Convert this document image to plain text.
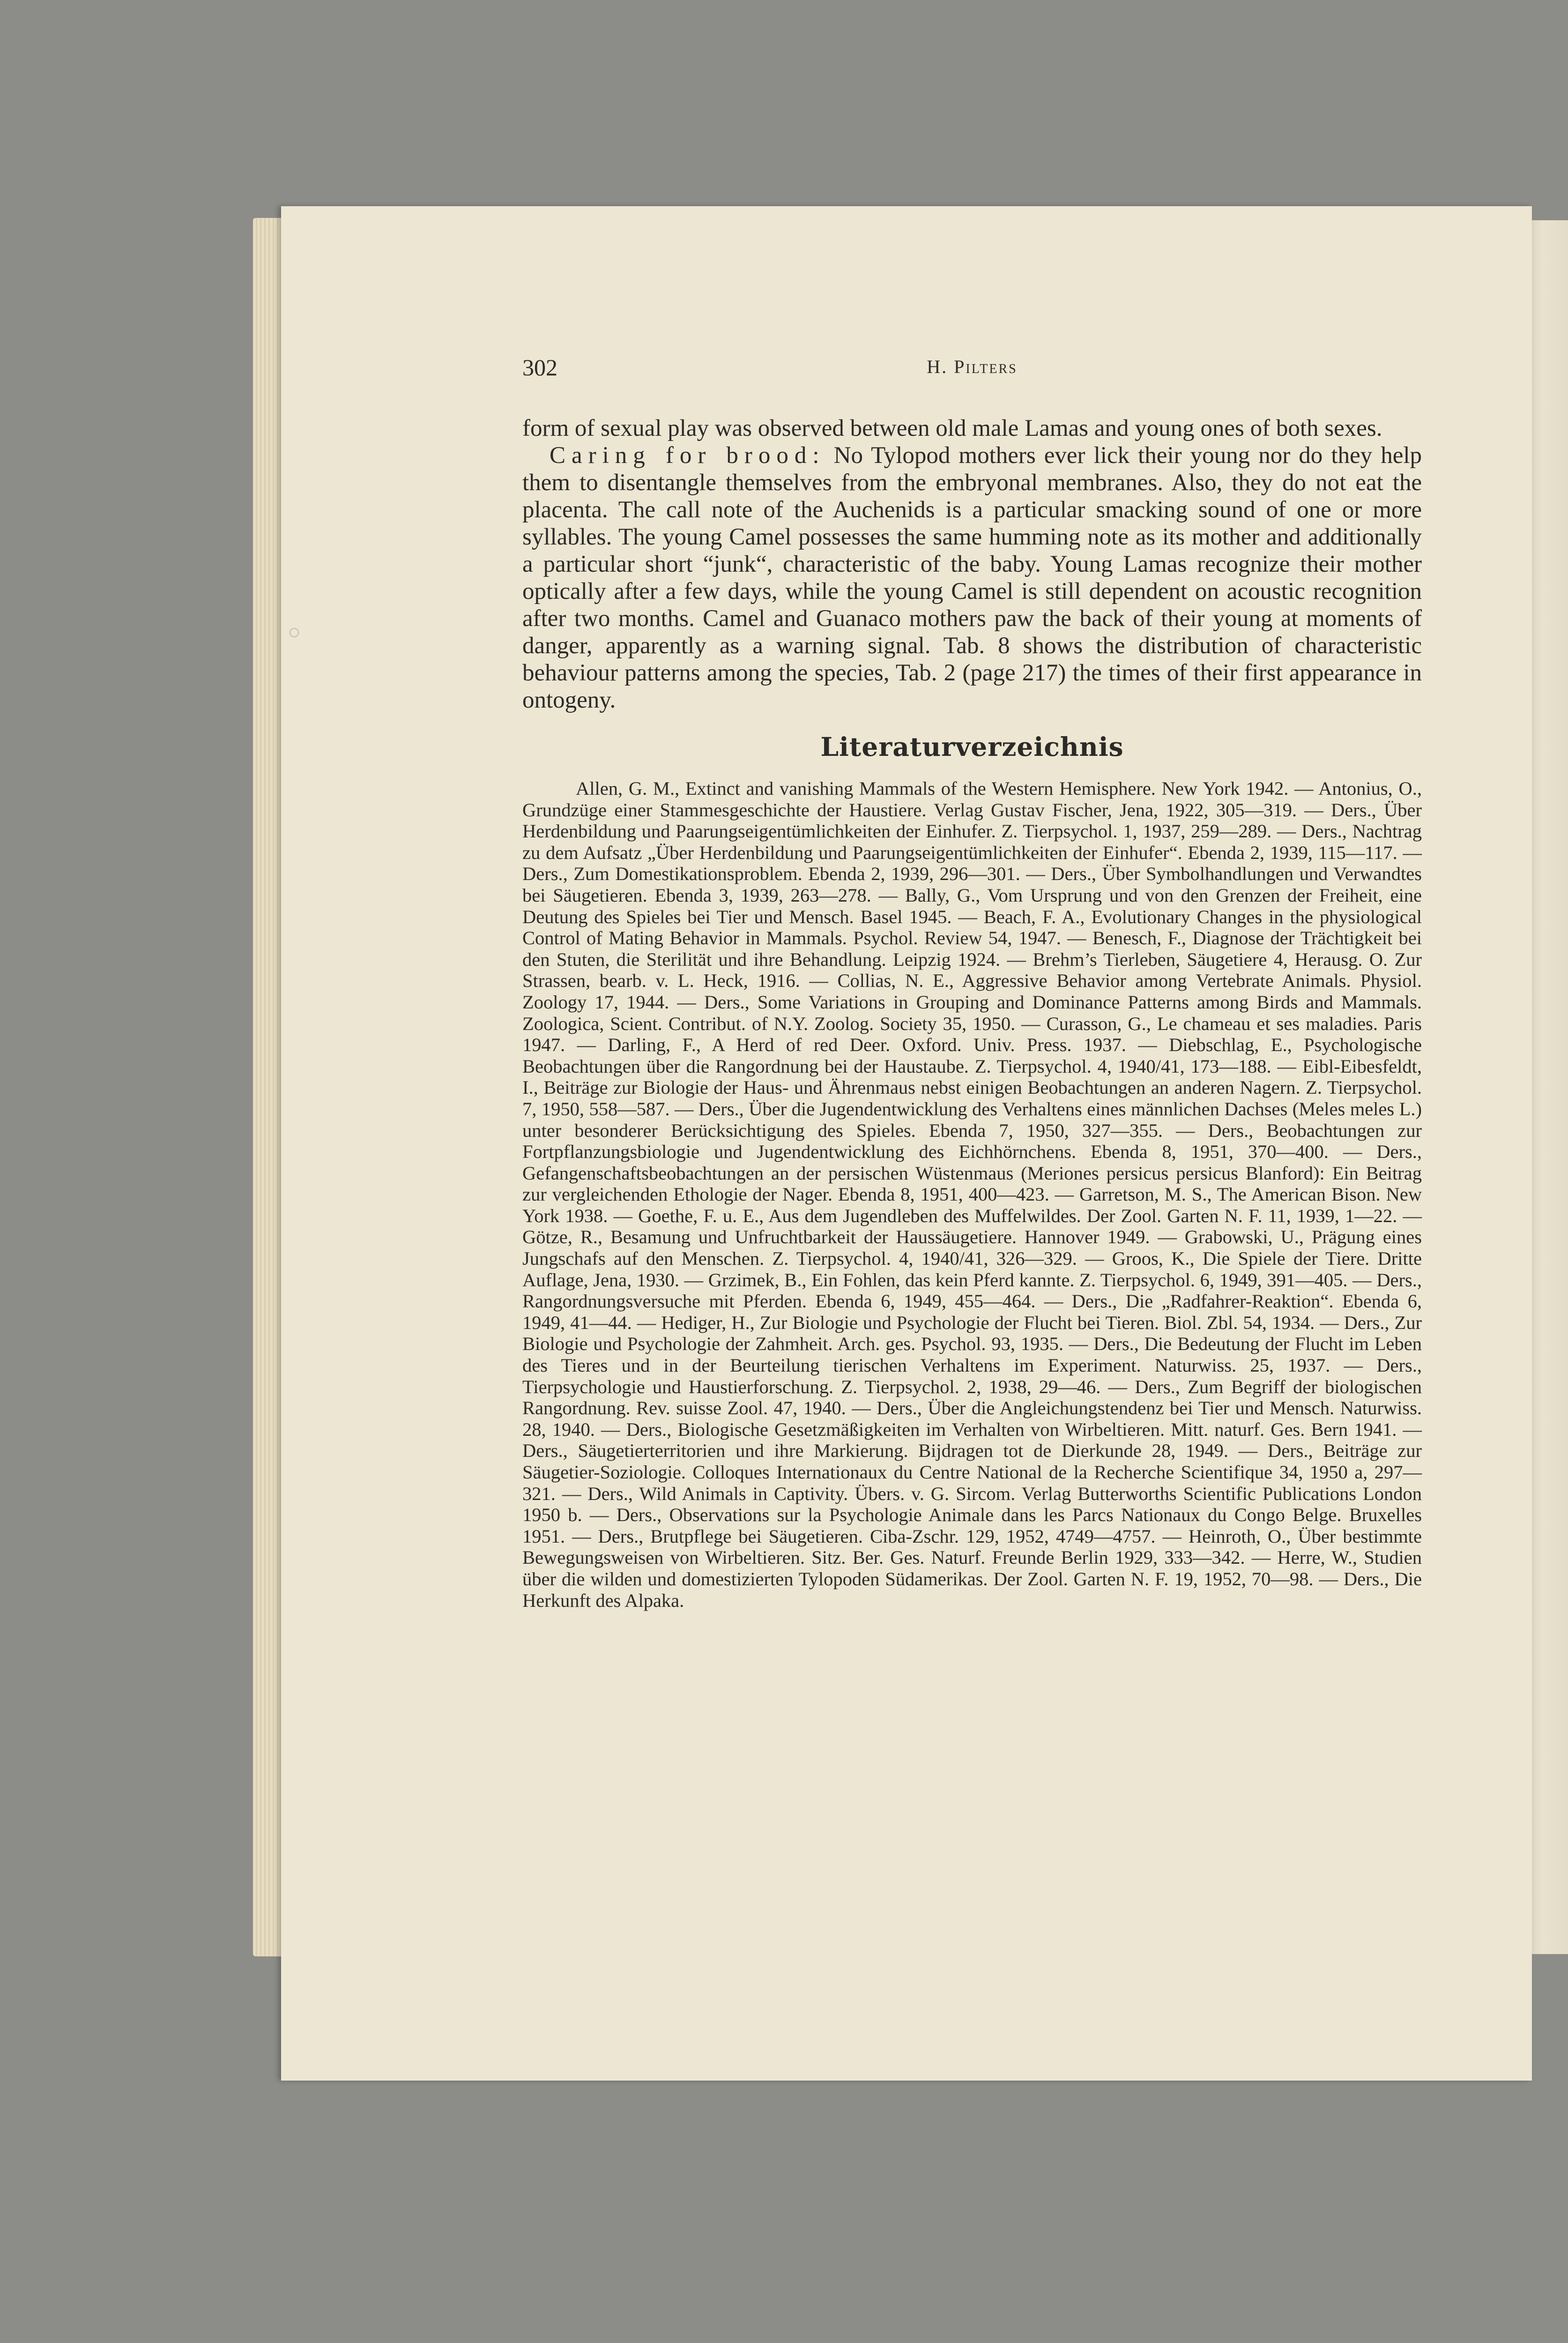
302	H. Pilters

form of sexual play was observed between old male Lamas and young ones of both sexes.

Caring for brood: No Tylopod mothers ever lick their young nor do they help them to disentangle themselves from the embryonal membranes. Also, they do not eat the placenta. The call note of the Auchenids is a particular smacking sound of one or more syllables. The young Camel possesses the same humming note as its mother and additionally a particular short “junk“, characteristic of the baby. Young Lamas recognize their mother optically after a few days, while the young Camel is still dependent on acoustic recognition after two months. Camel and Guanaco mothers paw the back of their young at moments of danger, apparently as a warning signal. Tab. 8 shows the distribution of characteristic behaviour patterns among the species, Tab. 2 (page 217) the times of their first appearance in ontogeny.

Literaturverzeichnis
Allen, G. M., Extinct and vanishing Mammals of the Western Hemisphere. New York 1942. — Antonius, O., Grundzüge einer Stammesgeschichte der Haustiere. Verlag Gustav Fischer, Jena, 1922, 305—319. — Ders., Über Herdenbildung und Paarungseigentümlichkeiten der Einhufer. Z. Tierpsychol. 1, 1937, 259—289. — Ders., Nachtrag zu dem Aufsatz „Über Herdenbildung und Paarungseigentümlichkeiten der Einhufer“. Ebenda 2, 1939, 115—117. — Ders., Zum Domestikationsproblem. Ebenda 2, 1939, 296—301. — Ders., Über Symbolhandlungen und Verwandtes bei Säugetieren. Ebenda 3, 1939, 263—278. — Bally, G., Vom Ursprung und von den Grenzen der Freiheit, eine Deutung des Spieles bei Tier und Mensch. Basel 1945. — Beach, F. A., Evolutionary Changes in the physiological Control of Mating Behavior in Mammals. Psychol. Review 54, 1947. — Benesch, F., Diagnose der Trächtigkeit bei den Stuten, die Sterilität und ihre Behandlung. Leipzig 1924. — Brehm’s Tierleben, Säugetiere 4, Herausg. O. Zur Strassen, bearb. v. L. Heck, 1916. — Collias, N. E., Aggressive Behavior among Vertebrate Animals. Physiol. Zoology 17, 1944. — Ders., Some Variations in Grouping and Dominance Patterns among Birds and Mammals. Zoologica, Scient. Contribut. of N.Y. Zoolog. Society 35, 1950. — Curasson, G., Le chameau et ses maladies. Paris 1947. — Darling, F., A Herd of red Deer. Oxford. Univ. Press. 1937. — Diebschlag, E., Psychologische Beobachtungen über die Rangordnung bei der Haustaube. Z. Tierpsychol. 4, 1940/41, 173—188. — Eibl-Eibesfeldt, I., Beiträge zur Biologie der Haus- und Ährenmaus nebst einigen Beobachtungen an anderen Nagern. Z. Tierpsychol. 7, 1950, 558—587. — Ders., Über die Jugendentwicklung des Verhaltens eines männlichen Dachses (Meles meles L.) unter besonderer Berücksichtigung des Spieles. Ebenda 7, 1950, 327—355. — Ders., Beobachtungen zur Fortpflanzungsbiologie und Jugendentwicklung des Eichhörnchens. Ebenda 8, 1951, 370—400. — Ders., Gefangenschaftsbeobachtungen an der persischen Wüstenmaus (Meriones persicus persicus Blanford): Ein Beitrag zur vergleichenden Ethologie der Nager. Ebenda 8, 1951, 400—423. — Garretson, M. S., The American Bison. New York 1938. — Goethe, F. u. E., Aus dem Jugendleben des Muffelwildes. Der Zool. Garten N. F. 11, 1939, 1—22. — Götze, R., Besamung und Unfruchtbarkeit der Haussäugetiere. Hannover 1949. — Grabowski, U., Prägung eines Jungschafs auf den Menschen. Z. Tierpsychol. 4, 1940/41, 326—329. — Groos, K., Die Spiele der Tiere. Dritte Auflage, Jena, 1930. — Grzimek, B., Ein Fohlen, das kein Pferd kannte. Z. Tierpsychol. 6, 1949, 391—405. — Ders., Rangordnungsversuche mit Pferden. Ebenda 6, 1949, 455—464. — Ders., Die „Radfahrer-Reaktion“. Ebenda 6, 1949, 41—44. — Hediger, H., Zur Biologie und Psychologie der Flucht bei Tieren. Biol. Zbl. 54, 1934. — Ders., Zur Biologie und Psychologie der Zahmheit. Arch. ges. Psychol. 93, 1935. — Ders., Die Bedeutung der Flucht im Leben des Tieres und in der Beurteilung tierischen Verhaltens im Experiment. Naturwiss. 25, 1937. — Ders., Tierpsychologie und Haustierforschung. Z. Tierpsychol. 2, 1938, 29—46. — Ders., Zum Begriff der biologischen Rangordnung. Rev. suisse Zool. 47, 1940. — Ders., Über die Angleichungstendenz bei Tier und Mensch. Naturwiss. 28, 1940. — Ders., Biologische Gesetzmäßigkeiten im Verhalten von Wirbeltieren. Mitt. naturf. Ges. Bern 1941. — Ders., Säugetierterritorien und ihre Markierung. Bijdragen tot de Dierkunde 28, 1949. — Ders., Beiträge zur Säugetier-Soziologie. Colloques Internationaux du Centre National de la Recherche Scientifique 34, 1950 a, 297—321. — Ders., Wild Animals in Captivity. Übers. v. G. Sircom. Verlag Butterworths Scientific Publications London 1950 b. — Ders., Observations sur la Psychologie Animale dans les Parcs Nationaux du Congo Belge. Bruxelles 1951. — Ders., Brutpflege bei Säugetieren. Ciba-Zschr. 129, 1952, 4749—4757. — Heinroth, O., Über bestimmte Bewegungsweisen von Wirbeltieren. Sitz. Ber. Ges. Naturf. Freunde Berlin 1929, 333—342. — Herre, W., Studien über die wilden und domestizierten Tylopoden Südamerikas. Der Zool. Garten N. F. 19, 1952, 70—98. — Ders., Die Herkunft des Alpaka.
